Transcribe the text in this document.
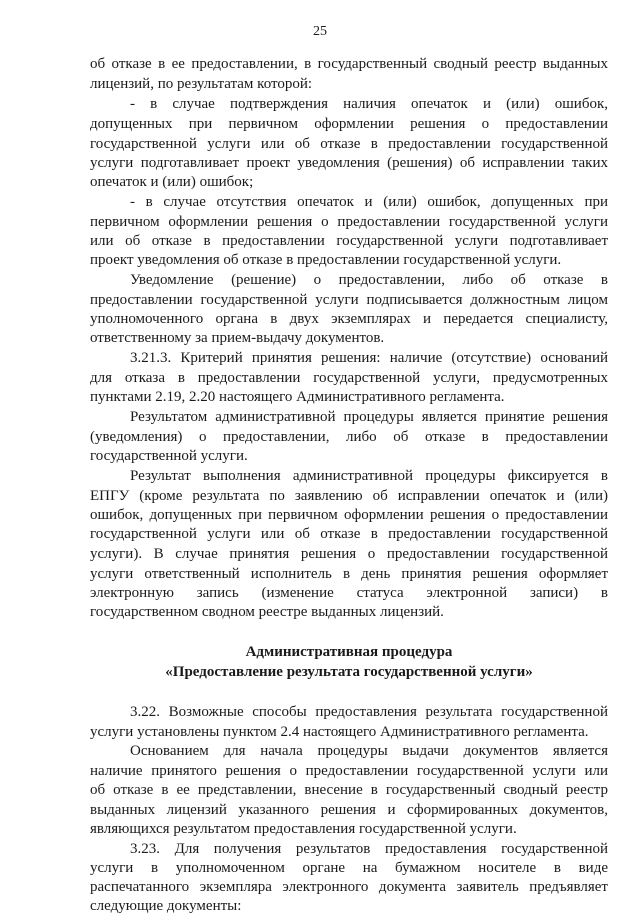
25
об отказе в ее предоставлении, в государственный сводный реестр выданных
лицензий, по результатам которой:
- в случае подтверждения наличия опечаток и (или) ошибок,
допущенных при первичном оформлении решения о предоставлении
государственной услуги или об отказе в предоставлении государственной
услуги подготавливает проект уведомления (решения) об исправлении таких
опечаток и (или) ошибок;
- в случае отсутствия опечаток и (или) ошибок, допущенных при
первичном оформлении решения о предоставлении государственной услуги
или об отказе в предоставлении государственной услуги подготавливает
проект уведомления об отказе в предоставлении государственной услуги.
Уведомление (решение) о предоставлении, либо об отказе в
предоставлении государственной услуги подписывается должностным лицом
уполномоченного органа в двух экземплярах и передается специалисту,
ответственному за прием-выдачу документов.
3.21.3. Критерий принятия решения: наличие (отсутствие) оснований
для отказа в предоставлении государственной услуги, предусмотренных
пунктами 2.19, 2.20 настоящего Административного регламента.
Результатом административной процедуры является принятие решения
(уведомления) о предоставлении, либо об отказе в предоставлении
государственной услуги.
Результат выполнения административной процедуры фиксируется в
ЕПГУ (кроме результата по заявлению об исправлении опечаток и (или)
ошибок, допущенных при первичном оформлении решения о предоставлении
государственной услуги или об отказе в предоставлении государственной
услуги). В случае принятия решения о предоставлении государственной
услуги ответственный исполнитель в день принятия решения оформляет
электронную запись (изменение статуса электронной записи) в
государственном сводном реестре выданных лицензий.
Административная процедура
«Предоставление результата государственной услуги»
3.22. Возможные способы предоставления результата государственной
услуги установлены пунктом 2.4 настоящего Административного регламента.
Основанием для начала процедуры выдачи документов является
наличие принятого решения о предоставлении государственной услуги или
об отказе в ее представлении, внесение в государственный сводный реестр
выданных лицензий указанного решения и сформированных документов,
являющихся результатом предоставления государственной услуги.
3.23. Для получения результатов предоставления государственной
услуги в уполномоченном органе на бумажном носителе в виде
распечатанного экземпляра электронного документа заявитель предъявляет
следующие документы:
